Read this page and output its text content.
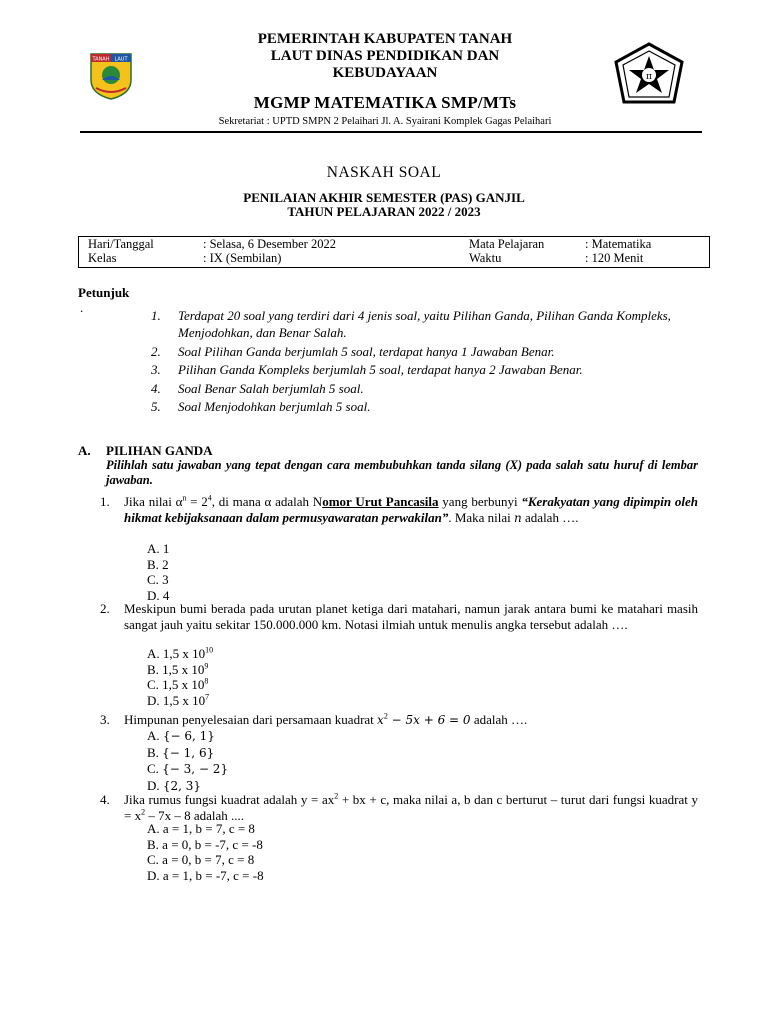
TANAH LAUT
PEMERINTAH KABUPATEN TANAH
LAUT DINAS PENDIDIKAN DAN
KEBUDAYAAN
MGMP MATEMATIKA SMP/MTs
Sekretariat : UPTD SMPN 2 Pelaihari Jl. A. Syairani Komplek Gagas Pelaihari
π
NASKAH SOAL
PENILAIAN AKHIR SEMESTER (PAS) GANJIL
TAHUN PELAJARAN 2022 / 2023
Hari/Tanggal	: Selasa, 6 Desember 2022	Mata Pelajaran	: Matematika
Kelas	: IX (Sembilan)	Waktu	: 120 Menit
Petunjuk
.
1. Terdapat 20 soal yang terdiri dari 4 jenis soal, yaitu Pilihan Ganda, Pilihan Ganda Kompleks, Menjodohkan, dan Benar Salah.
2. Soal Pilihan Ganda berjumlah 5 soal, terdapat hanya 1 Jawaban Benar.
3. Pilihan Ganda Kompleks berjumlah 5 soal, terdapat hanya 2 Jawaban Benar.
4. Soal Benar Salah berjumlah 5 soal.
5. Soal Menjodohkan berjumlah 5 soal.
A. PILIHAN GANDA
Pilihlah satu jawaban yang tepat dengan cara membubuhkan tanda silang (X) pada salah satu huruf di lembar jawaban.
1. Jika nilai $\alpha^n = 2^4$, di mana α adalah Nomor Urut Pancasila yang berbunyi “Kerakyatan yang dipimpin oleh hikmat kebijaksanaan dalam permusyawaratan perwakilan”. Maka nilai n adalah ….
A. 1
B. 2
C. 3
D. 4
2. Meskipun bumi berada pada urutan planet ketiga dari matahari, namun jarak antara bumi ke matahari masih sangat jauh yaitu sekitar 150.000.000 km. Notasi ilmiah untuk menulis angka tersebut adalah ….
A. 1,5 x $10^{10}$
B. 1,5 x $10^9$
C. 1,5 x $10^8$
D. 1,5 x $10^7$
3. Himpunan penyelesaian dari persamaan kuadrat $x^2 - 5x + 6 = 0$ adalah ….
A. {− 6, 1}
B. {− 1, 6}
C. {− 3, − 2}
D. {2, 3}
4. Jika rumus fungsi kuadrat adalah $y = ax^2$ + bx + c, maka nilai a, b dan c berturut – turut dari fungsi kuadrat $y = x^2 - 7x - 8$ adalah ....
A. a = 1, b = 7, c = 8
B. a = 0, b = -7, c = -8
C. a = 0, b = 7, c = 8
D. a = 1, b = -7, c = -8
